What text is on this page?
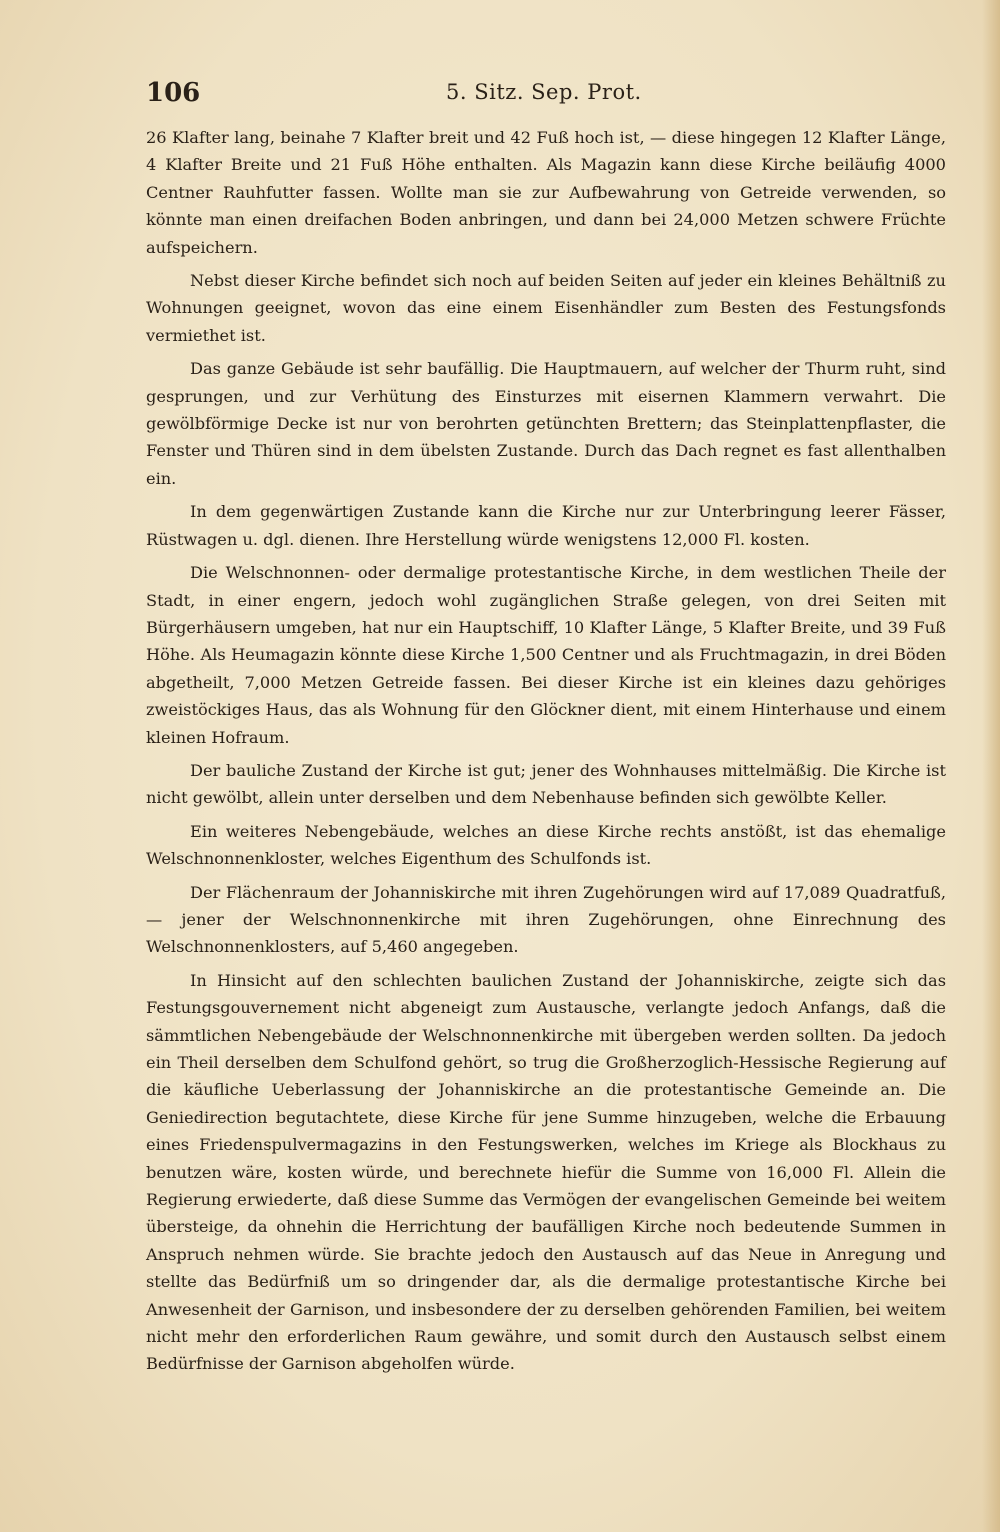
106	5. Sitz. Sep. Prot.

26 Klafter lang, beinahe 7 Klafter breit und 42 Fuß hoch ist, — diese hingegen 12 Klafter Länge, 4 Klafter Breite und 21 Fuß Höhe enthalten. Als Magazin kann diese Kirche beiläufig 4000 Centner Rauhfutter fassen. Wollte man sie zur Aufbewahrung von Getreide verwenden, so könnte man einen dreifachen Boden anbringen, und dann bei 24,000 Metzen schwere Früchte aufspeichern.

Nebst dieser Kirche befindet sich noch auf beiden Seiten auf jeder ein kleines Behältniß zu Wohnungen geeignet, wovon das eine einem Eisenhändler zum Besten des Festungsfonds vermiethet ist.

Das ganze Gebäude ist sehr baufällig. Die Hauptmauern, auf welcher der Thurm ruht, sind gesprungen, und zur Verhütung des Einsturzes mit eisernen Klammern verwahrt. Die gewölbförmige Decke ist nur von berohrten getünchten Brettern; das Steinplattenpflaster, die Fenster und Thüren sind in dem übelsten Zustande. Durch das Dach regnet es fast allenthalben ein.

In dem gegenwärtigen Zustande kann die Kirche nur zur Unterbringung leerer Fässer, Rüstwagen u. dgl. dienen. Ihre Herstellung würde wenigstens 12,000 Fl. kosten.

Die Welschnonnen- oder dermalige protestantische Kirche, in dem westlichen Theile der Stadt, in einer engern, jedoch wohl zugänglichen Straße gelegen, von drei Seiten mit Bürgerhäusern umgeben, hat nur ein Hauptschiff, 10 Klafter Länge, 5 Klafter Breite, und 39 Fuß Höhe. Als Heumagazin könnte diese Kirche 1,500 Centner und als Fruchtmagazin, in drei Böden abgetheilt, 7,000 Metzen Getreide fassen. Bei dieser Kirche ist ein kleines dazu gehöriges zweistöckiges Haus, das als Wohnung für den Glöckner dient, mit einem Hinterhause und einem kleinen Hofraum.

Der bauliche Zustand der Kirche ist gut; jener des Wohnhauses mittelmäßig. Die Kirche ist nicht gewölbt, allein unter derselben und dem Nebenhause befinden sich gewölbte Keller.

Ein weiteres Nebengebäude, welches an diese Kirche rechts anstößt, ist das ehemalige Welschnonnenkloster, welches Eigenthum des Schulfonds ist.

Der Flächenraum der Johanniskirche mit ihren Zugehörungen wird auf 17,089 Quadratfuß, — jener der Welschnonnenkirche mit ihren Zugehörungen, ohne Einrechnung des Welschnonnenklosters, auf 5,460 angegeben.

In Hinsicht auf den schlechten baulichen Zustand der Johanniskirche, zeigte sich das Festungsgouvernement nicht abgeneigt zum Austausche, verlangte jedoch Anfangs, daß die sämmtlichen Nebengebäude der Welschnonnenkirche mit übergeben werden sollten. Da jedoch ein Theil derselben dem Schulfond gehört, so trug die Großherzoglich-Hessische Regierung auf die käufliche Ueberlassung der Johanniskirche an die protestantische Gemeinde an. Die Geniedirection begutachtete, diese Kirche für jene Summe hinzugeben, welche die Erbauung eines Friedenspulvermagazins in den Festungswerken, welches im Kriege als Blockhaus zu benutzen wäre, kosten würde, und berechnete hiefür die Summe von 16,000 Fl. Allein die Regierung erwiederte, daß diese Summe das Vermögen der evangelischen Gemeinde bei weitem übersteige, da ohnehin die Herrichtung der baufälligen Kirche noch bedeutende Summen in Anspruch nehmen würde. Sie brachte jedoch den Austausch auf das Neue in Anregung und stellte das Bedürfniß um so dringender dar, als die dermalige protestantische Kirche bei Anwesenheit der Garnison, und insbesondere der zu derselben gehörenden Familien, bei weitem nicht mehr den erforderlichen Raum gewähre, und somit durch den Austausch selbst einem Bedürfnisse der Garnison abgeholfen würde.
